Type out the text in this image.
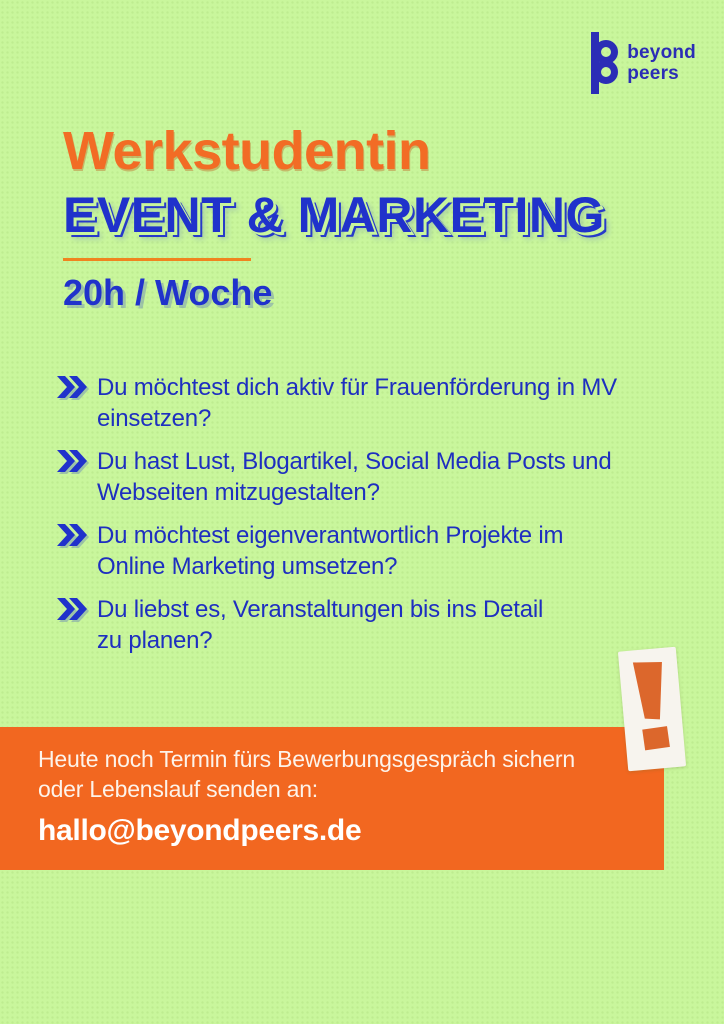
beyond
peers
Werkstudentin
EVENT & MARKETING
20h / Woche
Du möchtest dich aktiv für Frauenförderung in MV
einsetzen?
Du hast Lust, Blogartikel, Social Media Posts und
Webseiten mitzugestalten?
Du möchtest eigenverantwortlich Projekte im
Online Marketing umsetzen?
Du liebst es, Veranstaltungen bis ins Detail
zu planen?

Heute noch Termin fürs Bewerbungsgespräch sichern
oder Lebenslauf senden an:

hallo@beyondpeers.de
